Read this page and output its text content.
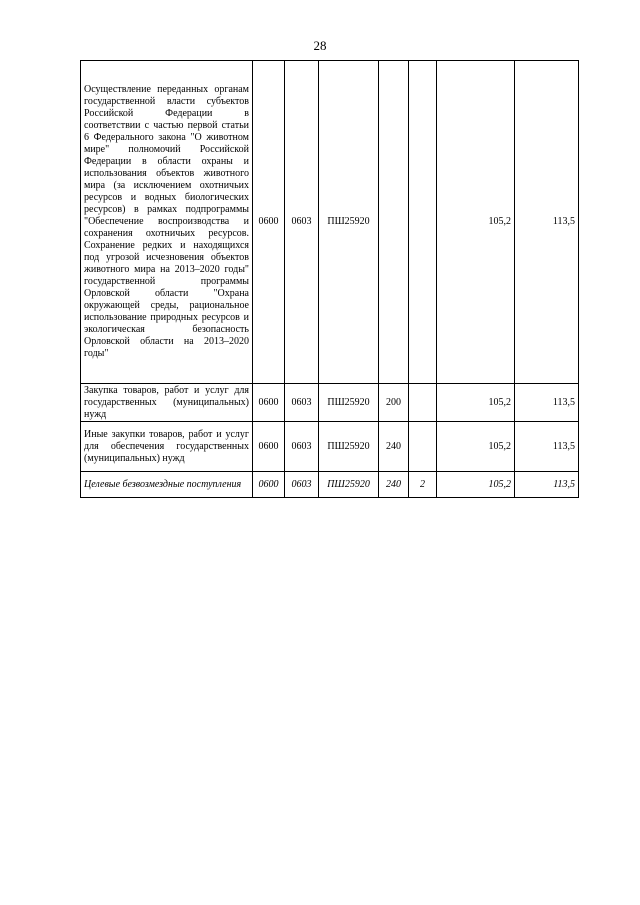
28
Осуществление переданных органам государственной власти субъектов Российской Федерации в соответствии с частью первой статьи 6 Федерального закона "О животном мире" полномочий Российской Федерации в области охраны и использования объектов животного мира (за исключением охотничьих ресурсов и водных биологических ресурсов) в рамках подпрограммы "Обеспечение воспроизводства и сохранения охотничьих ресурсов. Сохранение редких и находящихся под угрозой исчезновения объектов животного мира на 2013–2020 годы" государственной программы Орловской области "Охрана окружающей среды, рациональное использование природных ресурсов и экологическая безопасность Орловской области на 2013–2020 годы"	0600	0603	ПШ25920			105,2	113,5
Закупка товаров, работ и услуг для государственных (муниципальных) нужд	0600	0603	ПШ25920	200		105,2	113,5
Иные закупки товаров, работ и услуг для обеспечения государственных (муниципальных) нужд	0600	0603	ПШ25920	240		105,2	113,5
Целевые безвозмездные поступления	0600	0603	ПШ25920	240	2	105,2	113,5
